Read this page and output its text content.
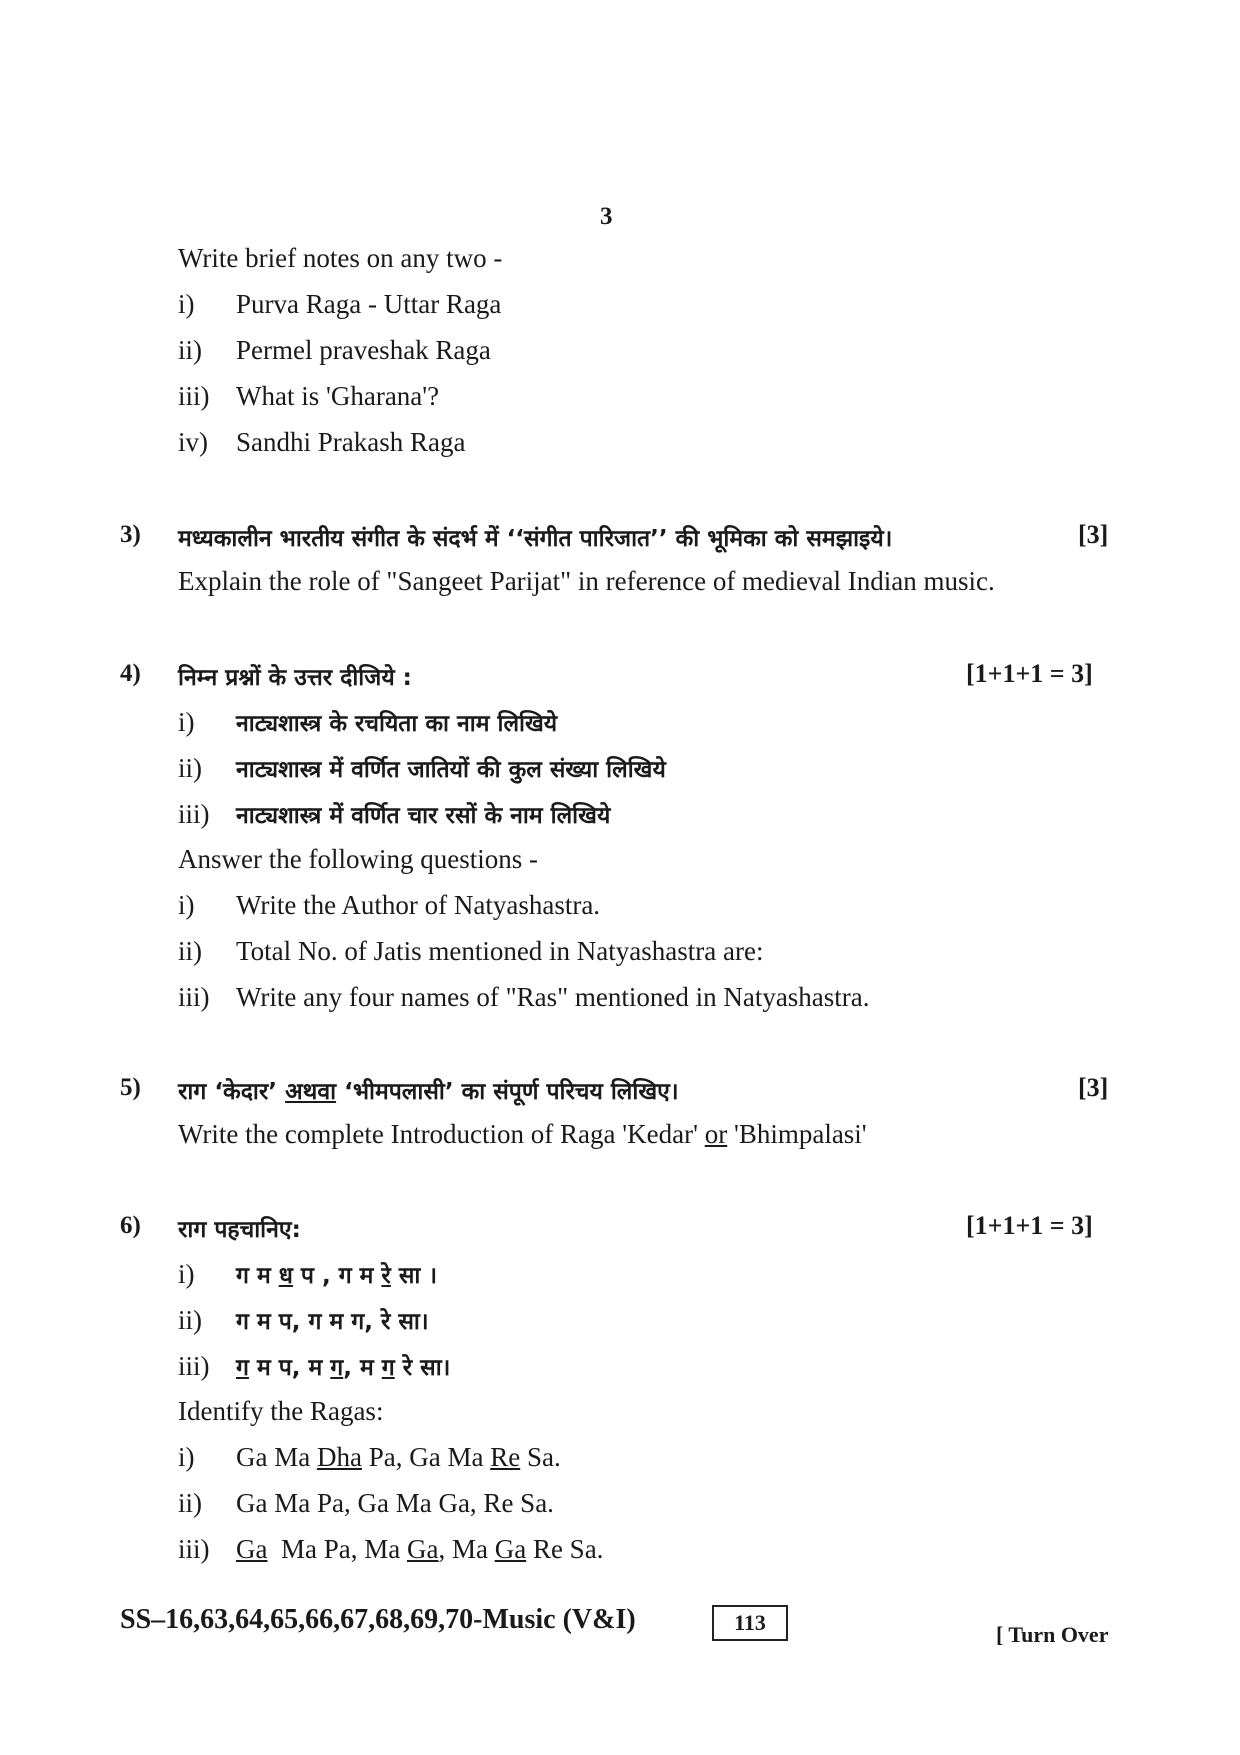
3
Write brief notes on any two -
i) Purva Raga - Uttar Raga
ii) Permel praveshak Raga
iii) What is 'Gharana'?
iv) Sandhi Prakash Raga
3) मध्यकालीन भारतीय संगीत के संदर्भ में ‘‘संगीत पारिजात’’ की भूमिका को समझाइये।	[3]
Explain the role of "Sangeet Parijat" in reference of medieval Indian music.
4) निम्न प्रश्नों के उत्तर दीजिये :	[1+1+1 = 3]
i) नाट्यशास्त्र के रचयिता का नाम लिखिये
ii) नाट्यशास्त्र में वर्णित जातियों की कुल संख्या लिखिये
iii) नाट्यशास्त्र में वर्णित चार रसों के नाम लिखिये
Answer the following questions -
i) Write the Author of Natyashastra.
ii) Total No. of Jatis mentioned in Natyashastra are:
iii) Write any four names of "Ras" mentioned in Natyashastra.
5) राग ‘केदार’ अथवा ‘भीमपलासी’ का संपूर्ण परिचय लिखिए।	[3]
Write the complete Introduction of Raga 'Kedar' or 'Bhimpalasi'
6) राग पहचानिए:	[1+1+1 = 3]
i) ग म ध प , ग म रे सा ।
ii) ग म प, ग म ग, रे सा।
iii) ग म प, म ग, म ग रे सा।
Identify the Ragas:
i) Ga Ma Dha Pa, Ga Ma Re Sa.
ii) Ga Ma Pa, Ga Ma Ga, Re Sa.
iii) Ga  Ma Pa, Ma Ga, Ma Ga Re Sa.
SS–16,63,64,65,66,67,68,69,70-Music (V&I)	113	[ Turn Over
